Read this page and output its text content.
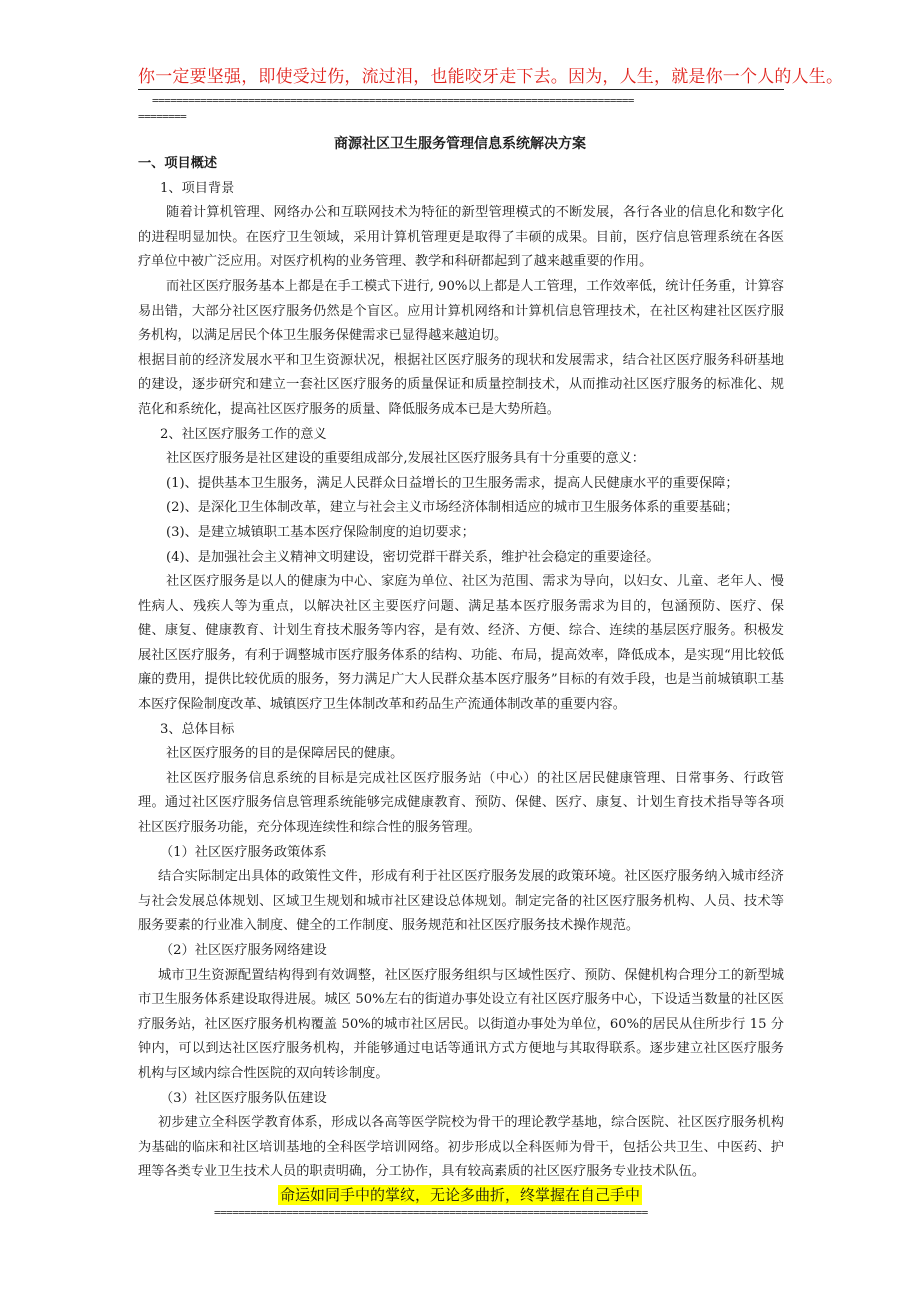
你一定要坚强，即使受过伤，流过泪，也能咬牙走下去。因为，人生，就是你一个人的人生。
================================================================================
========
商源社区卫生服务管理信息系统解决方案

一、项目概述

1、项目背景

随着计算机管理、网络办公和互联网技术为特征的新型管理模式的不断发展，各行各业的信息化和数字化的进程明显加快。在医疗卫生领域，采用计算机管理更是取得了丰硕的成果。目前，医疗信息管理系统在各医疗单位中被广泛应用。对医疗机构的业务管理、教学和科研都起到了越来越重要的作用。

而社区医疗服务基本上都是在手工模式下进行, 90%以上都是人工管理，工作效率低，统计任务重，计算容易出错，大部分社区医疗服务仍然是个盲区。应用计算机网络和计算机信息管理技术，在社区构建社区医疗服务机构，以满足居民个体卫生服务保健需求已显得越来越迫切。

根据目前的经济发展水平和卫生资源状况，根据社区医疗服务的现状和发展需求，结合社区医疗服务科研基地的建设，逐步研究和建立一套社区医疗服务的质量保证和质量控制技术，从而推动社区医疗服务的标准化、规范化和系统化，提高社区医疗服务的质量、降低服务成本已是大势所趋。

2、社区医疗服务工作的意义

社区医疗服务是社区建设的重要组成部分,发展社区医疗服务具有十分重要的意义：

(1)、提供基本卫生服务，满足人民群众日益增长的卫生服务需求，提高人民健康水平的重要保障；

(2)、是深化卫生体制改革，建立与社会主义市场经济体制相适应的城市卫生服务体系的重要基础；

(3)、是建立城镇职工基本医疗保险制度的迫切要求；

(4)、是加强社会主义精神文明建设，密切党群干群关系，维护社会稳定的重要途径。

社区医疗服务是以人的健康为中心、家庭为单位、社区为范围、需求为导向，以妇女、儿童、老年人、慢性病人、残疾人等为重点，以解决社区主要医疗问题、满足基本医疗服务需求为目的，包涵预防、医疗、保健、康复、健康教育、计划生育技术服务等内容，是有效、经济、方便、综合、连续的基层医疗服务。积极发展社区医疗服务，有利于调整城市医疗服务体系的结构、功能、布局，提高效率，降低成本，是实现“用比较低廉的费用，提供比较优质的服务，努力满足广大人民群众基本医疗服务”目标的有效手段，也是当前城镇职工基本医疗保险制度改革、城镇医疗卫生体制改革和药品生产流通体制改革的重要内容。

3、总体目标

社区医疗服务的目的是保障居民的健康。

社区医疗服务信息系统的目标是完成社区医疗服务站（中心）的社区居民健康管理、日常事务、行政管理。通过社区医疗服务信息管理系统能够完成健康教育、预防、保健、医疗、康复、计划生育技术指导等各项社区医疗服务功能，充分体现连续性和综合性的服务管理。

（1）社区医疗服务政策体系

结合实际制定出具体的政策性文件，形成有利于社区医疗服务发展的政策环境。社区医疗服务纳入城市经济与社会发展总体规划、区域卫生规划和城市社区建设总体规划。制定完备的社区医疗服务机构、人员、技术等服务要素的行业准入制度、健全的工作制度、服务规范和社区医疗服务技术操作规范。

（2）社区医疗服务网络建设

城市卫生资源配置结构得到有效调整，社区医疗服务组织与区域性医疗、预防、保健机构合理分工的新型城市卫生服务体系建设取得进展。城区 50%左右的街道办事处设立有社区医疗服务中心，下设适当数量的社区医疗服务站，社区医疗服务机构覆盖 50%的城市社区居民。以街道办事处为单位，60%的居民从住所步行 15 分钟内，可以到达社区医疗服务机构，并能够通过电话等通讯方式方便地与其取得联系。逐步建立社区医疗服务机构与区域内综合性医院的双向转诊制度。

（3）社区医疗服务队伍建设

初步建立全科医学教育体系，形成以各高等医学院校为骨干的理论教学基地，综合医院、社区医疗服务机构为基础的临床和社区培训基地的全科医学培训网络。初步形成以全科医师为骨干，包括公共卫生、中医药、护理等各类专业卫生技术人员的职责明确，分工协作，具有较高素质的社区医疗服务专业技术队伍。

命运如同手中的掌纹，无论多曲折，终掌握在自己手中
========================================================================
